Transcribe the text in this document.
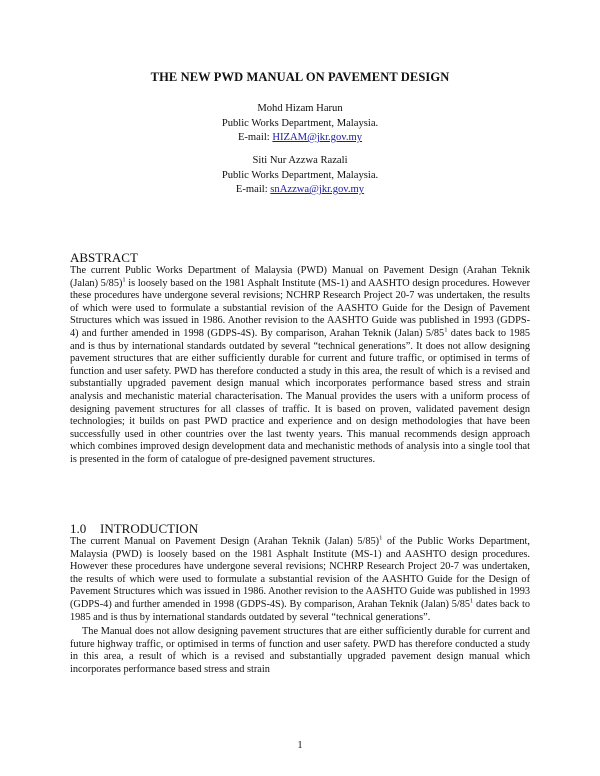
THE NEW PWD MANUAL ON PAVEMENT DESIGN
Mohd Hizam Harun
Public Works Department, Malaysia.
E-mail: HIZAM@jkr.gov.my
Siti Nur Azzwa Razali
Public Works Department, Malaysia.
E-mail: snAzzwa@jkr.gov.my
ABSTRACT

The current Public Works Department of Malaysia (PWD) Manual on Pavement Design (Arahan Teknik (Jalan) 5/85)$^1$ is loosely based on the 1981 Asphalt Institute (MS-1) and AASHTO design procedures. However these procedures have undergone several revisions; NCHRP Research Project 20-7 was undertaken, the results of which were used to formulate a substantial revision of the AASHTO Guide for the Design of Pavement Structures which was issued in 1986. Another revision to the AASHTO Guide was published in 1993 (GDPS-4) and further amended in 1998 (GDPS-4S). By comparison, Arahan Teknik (Jalan) $5/85^1$ dates back to 1985 and is thus by international standards outdated by several “technical generations”. It does not allow designing pavement structures that are either sufficiently durable for current and future traffic, or optimised in terms of function and user safety. PWD has therefore conducted a study in this area, the result of which is a revised and substantially upgraded pavement design manual which incorporates performance based stress and strain analysis and mechanistic material characterisation. The Manual provides the users with a uniform process of designing pavement structures for all classes of traffic. It is based on proven, validated pavement design technologies; it builds on past PWD practice and experience and on design methodologies that have been successfully used in other countries over the last twenty years. This manual recommends design approach which combines improved design development data and mechanistic methods of analysis into a single tool that is presented in the form of catalogue of pre-designed pavement structures.

1.0 INTRODUCTION

The current Manual on Pavement Design (Arahan Teknik (Jalan) 5/85)$^1$ of the Public Works Department, Malaysia (PWD) is loosely based on the 1981 Asphalt Institute (MS-1) and AASHTO design procedures. However these procedures have undergone several revisions; NCHRP Research Project 20-7 was undertaken, the results of which were used to formulate a substantial revision of the AASHTO Guide for the Design of Pavement Structures which was issued in 1986. Another revision to the AASHTO Guide was published in 1993 (GDPS-4) and further amended in 1998 (GDPS-4S). By comparison, Arahan Teknik (Jalan) $5/85^1$ dates back to 1985 and is thus by international standards outdated by several “technical generations”.

The Manual does not allow designing pavement structures that are either sufficiently durable for current and future highway traffic, or optimised in terms of function and user safety. PWD has therefore conducted a study in this area, a result of which is a revised and substantially upgraded pavement design manual which incorporates performance based stress and strain

1
